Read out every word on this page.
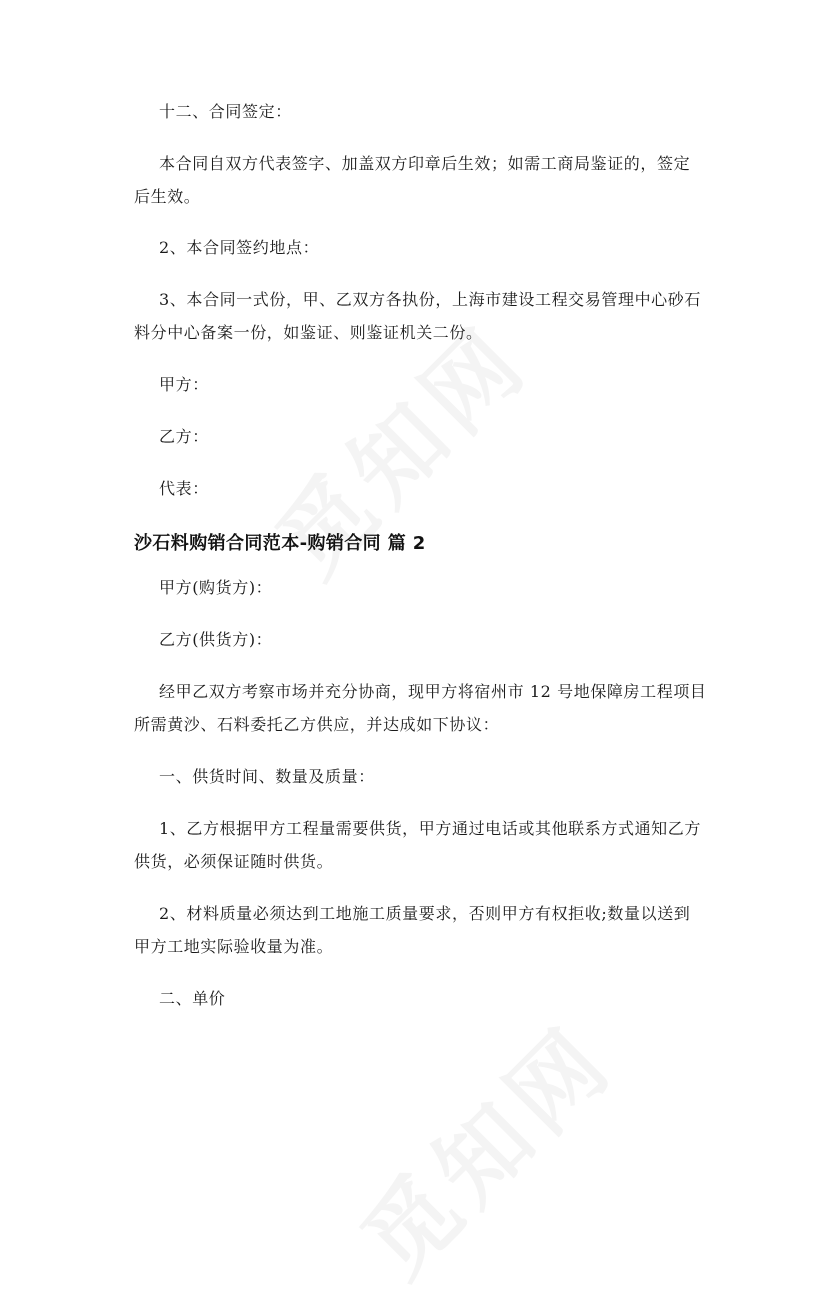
十二、合同签定：
本合同自双方代表签字、加盖双方印章后生效；如需工商局鉴证的，签定
后生效。
2、本合同签约地点：
3、本合同一式份，甲、乙双方各执份，上海市建设工程交易管理中心砂石
料分中心备案一份，如鉴证、则鉴证机关二份。
甲方：
乙方：
代表：
沙石料购销合同范本-购销合同 篇 2
甲方(购货方)：
乙方(供货方)：
经甲乙双方考察市场并充分协商，现甲方将宿州市 12 号地保障房工程项目
所需黄沙、石料委托乙方供应，并达成如下协议：
一、供货时间、数量及质量：
1、乙方根据甲方工程量需要供货，甲方通过电话或其他联系方式通知乙方
供货，必须保证随时供货。
2、材料质量必须达到工地施工质量要求，否则甲方有权拒收;数量以送到
甲方工地实际验收量为准。
二、单价
